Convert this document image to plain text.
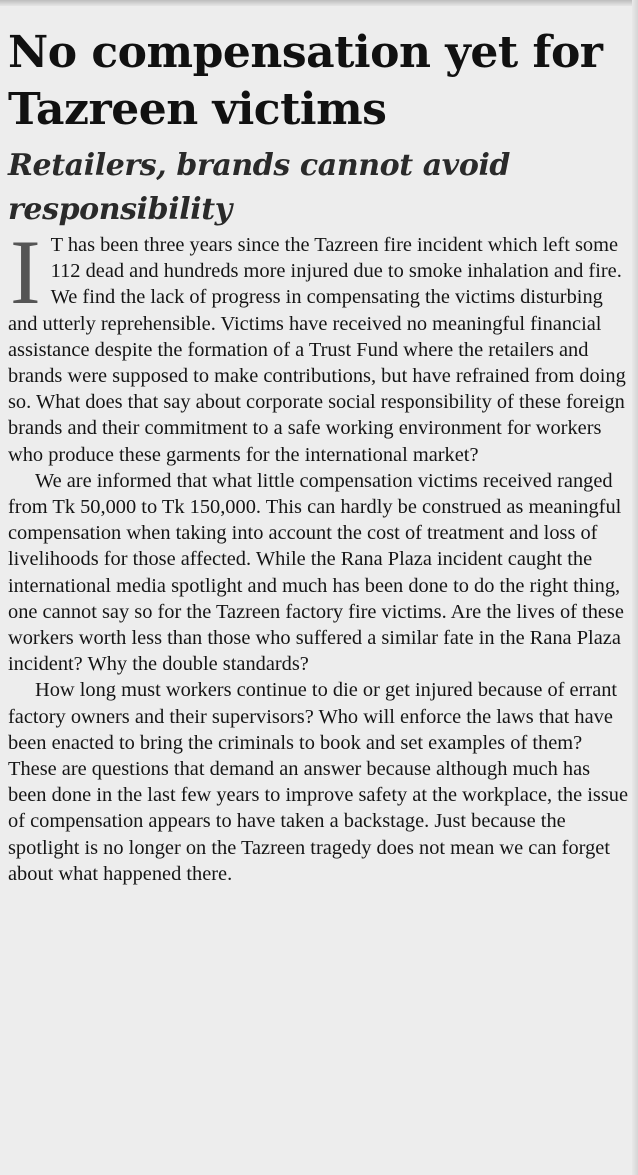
No compensation yet for Tazreen victims
Retailers, brands cannot avoid responsibility

I T has been three years since the Tazreen fire incident which left some 112 dead and hundreds more injured due to smoke inhalation and fire. We find the lack of progress in compensating the victims disturbing and utterly reprehensible. Victims have received no meaningful financial assistance despite the formation of a Trust Fund where the retailers and brands were supposed to make contributions, but have refrained from doing so. What does that say about corporate social responsibility of these foreign brands and their commitment to a safe working environment for workers who produce these garments for the international market?

We are informed that what little compensation victims received ranged from Tk 50,000 to Tk 150,000. This can hardly be construed as meaningful compensation when taking into account the cost of treatment and loss of livelihoods for those affected. While the Rana Plaza incident caught the international media spotlight and much has been done to do the right thing, one cannot say so for the Tazreen factory fire victims. Are the lives of these workers worth less than those who suffered a similar fate in the Rana Plaza incident? Why the double standards?

How long must workers continue to die or get injured because of errant factory owners and their supervisors? Who will enforce the laws that have been enacted to bring the criminals to book and set examples of them? These are questions that demand an answer because although much has been done in the last few years to improve safety at the workplace, the issue of compensation appears to have taken a backstage. Just because the spotlight is no longer on the Tazreen tragedy does not mean we can forget about what happened there.
